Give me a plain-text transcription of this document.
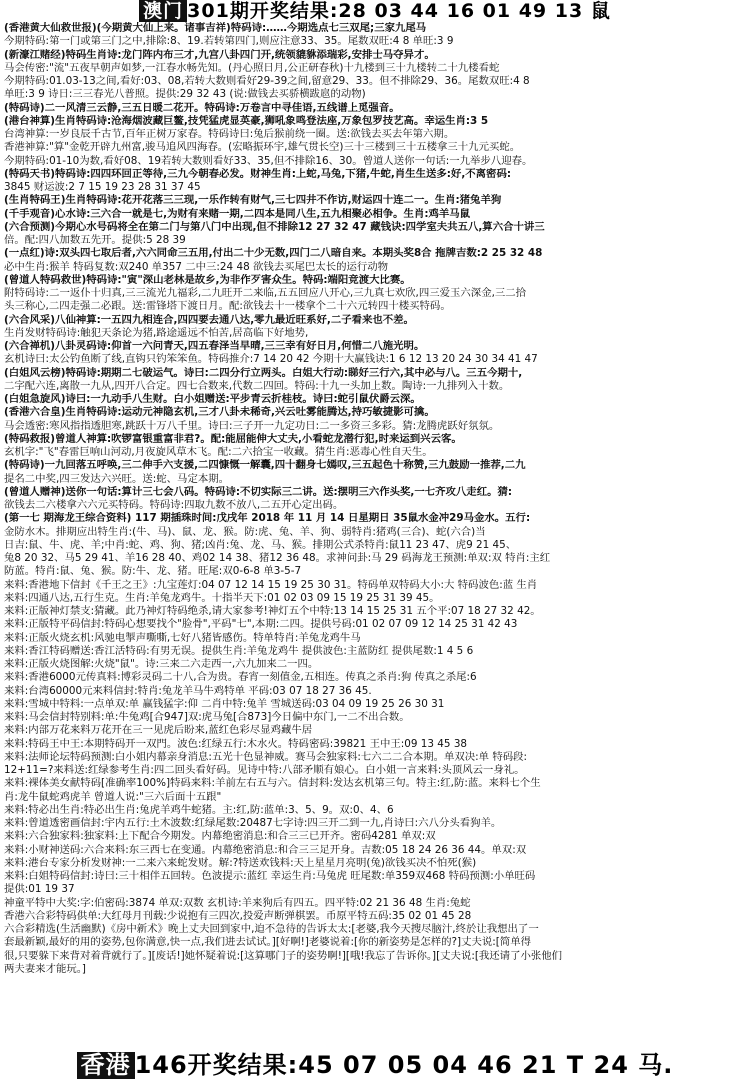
澳门 301期开奖结果:28 03 44 16 01 49 13 鼠
(香港黄大仙救世报)(今期黄大仙上来。诸事吉祥)特码诗:……今期选点七三双尾;三家九尾马
今期特码:第一门或第三门之中,排除:8、19.若转第四门,则应注意33、35。尾数双旺:4 8 单旺:3 9
(新濠江赌经)特码生肖诗:龙门阵内布三才,九宫八卦四门开,统领貔貅添瑞彩,安排士马夺异才。
马会传密:"流"五夜早朝声如梦,一江春水畅先知。(丹心照日月,公正研春秋)十九楼到三十九楼转二十九楼看蛇
今期特码:01.03-13之间,看好:03、08,若转大数则看好29-39之间,留意29、33。但不排除29、36。尾数双旺:4 8
单旺:3 9 诗日:三三春光八普照。提供:29 32 43 (说:做钱去买骄横跋扈的动物)
(特码诗)二一风清三云静,三五日暖二花开。特码诗:万卷言中寻佳语,五线谱上觅强音。
(港台神算)生肖特码诗:沧海烟波藏巨鳌,技凭猛虎显英豪,狮吼象鸣登法座,万象包罗技艺高。幸运生肖:3 5
台湾神算:一岁良辰千古节,百年正树万家春。特码诗曰:兔后猴前绕一圈。送:欲钱去买去年第六期。
香港神算:"算"金乾开辟九州富,骏马追风四海春。(宏略振环宇,雄气贯长空)三十三楼到三十五楼拿三十九元买蛇。
今期特码:01-10为数,看好08、19若转大数则看好33、35,但不排除16、30。曾道人送你一句话:一九举步八迎春。
(特码天书)特码诗:四四环回正等待,三九今朝春必发。财神生肖:上蛇,马兔,下猪,牛蛇,肖生生送多:好,不离密码:
3845 财运波:2 7 15 19 23 28 31 37 45
(生肖特码王)生肖特码诗:花开花落三三现,一乐作转有财气,三七四井不作访,财运四十连二一。生肖:猪兔羊狗
(千手观音)心水诗:三六合一就是七,为财有来赌一期,二四本是同八生,五九相聚必相争。生肖:鸡羊马鼠
(六合预测)今期心水号码将全在第二门与第八门中出现,但不排除12 27 32 47 藏钱诀:四学室夫共五八,算六合十讲三
倍。配:四八加数五先开。提供:5 28 39
(一点红)诗:双头四七取后者,六六同命三五用,付出二十少无数,四门二八暗自来。本期头奖8合 拖牌吉数:2 25 32 48
必中生肖:猴羊 特码复数:双240 单357 二中三:24 48 欲钱去买尾巴太长的运行动物
(曾道人特码救世)特码诗:"寅"深山老林是故乡,为非作歹害众生。特码:端阳竞渡大比赛。
附特码诗:二一返仆十归真,三三流光九福彩,二九旺开二来临,五五回应八开心,三九真七欢欣,四三爱玉六深金,三二拾
头三称心,二四走强二必跟。送:雷锋塔下渡日月。配:欲钱去十一楼拿个二十六元转四十楼买特码。
(六合风采)八仙神算:一五四九相连合,四四要去通八达,零九最近旺系好,二子看来也不差。
生肖发财特码诗:触犯天条论为猪,路途遥远不怕苦,居高临下好地势,
(六合禅机)八卦灵码诗:仰首一六问青天,四五春泽当早晴,三三幸有好日月,何惜二八施光明。
玄机诗曰:太公钓鱼断了线,直钩只钓笨笨鱼。特码推介:7 14 20 42 今期十大赢钱诀:1 6 12 13 20 24 30 34 41 47
(白姐风云榜)特码诗:期期二七破运气。诗曰:二四分行立两头。白姐大行动:睇好三行六,其中必与八。三五今期十,
二字配六连,离散一九从,四开八合定。四七合数来,代数二四回。特码:十九一头加上数。陶诗:一九排列入十数。
(白姐急旋风)诗曰:一九动手八生财。白小姐赠送:平步青云折桂枝。诗曰:蛇引鼠伏爵云深。
(香港六合皇)生肖特码诗:运动元神隐玄机,三才八卦未稀奇,兴云吐雾能腾达,持巧敏捷影可擒。
马会透密:寒风指指透胆寒,跳跃十万八千里。诗曰:三子开一九定功日:二一多资三多彩。猜:龙腾虎跃好氛氛。
(特码救报)曾道人神算:吹锣富银重富非君?。配:能屈能伸大丈夫,小看蛇龙潜行犯,时来运到兴云客。
玄机字:"飞"春雷巨响山河动,月夜旋风草木飞。配:二六拾宝一收藏。猜生肖:恶毒心性自天生。
(特码诗)一九回落五呼唤,三二伸手六支援,二四慷慨一解囊,四十翻身七嫣叹,三五起色十称赞,三九鼓励一推荐,二九
提名二中奖,四三发达六兴旺。送:蛇、马定本期。
(曾道人赠神)送你一句话:算计三七会八码。特码诗:不切实际三二讲。送:摆明三六作头奖,一七齐攻八走红。猜:
欲钱去二六楼拿六六元买特码。特码诗:四取九数不放八,二五开心定出码。
(第一七 期海龙王综合资料) 117 期插珠时间:戊戌年 2018 年 11 月 14 日星期日 35鼠水金冲29马金水。五行:
金防水木。排期应出特生肖:(牛、马)、鼠、龙、猴。防:虎、兔、羊、狗、弱特肖:猪鸡(三合)、蛇(六合)当
日吉:鼠、牛、虎、羊;中肖:蛇、鸡、狗、猪;凶肖:兔、龙、马、猴。排期公式杀特肖:鼠11 23 47、虎9 21 45、
兔8 20 32、马5 29 41、羊16 28 40、鸡02 14 38、猪12 36 48。求神问卦:马 29 码海龙王预测:单双:双 特肖:主红
防蓝。特肖:鼠、兔、猴。防:牛、龙、猪。旺尾:双0-6-8 单3-5-7
来料:香港地下信封《千王之王》:九宝莲灯:04 07 12 14 15 19 25 30 31。特码单双特码大小:大 特码波色:蓝 生肖
来料:四通八达,五行生克。生肖:羊兔龙鸡牛。十指半天下:01 02 03 09 15 19 25 31 39 45。
来料:正版神灯禁支:猜藏。此乃神灯特码绝杀,请大家参考!神灯五个中特:13 14 15 25 31 五个平:07 18 27 32 42。
来料:正版特平码信封:特码心想要找个"脸骨",平码"七",本期:二四。提供号码:01 02 07 09 12 14 25 31 42 43
来料:正版火烧玄机:风驰电掣声嘶嘶,七好八猪皆感伤。特单特肖:羊兔龙鸡牛马
来料:香江特码赠送:香江活特码:有男无误。提供生肖:羊兔龙鸡牛 提供波色:主蓝防红 提供尾数:1 4 5 6
来料:正版火烧图解:火烧"鼠"。诗:三来二六走西一,六九加来二一四。
来料:香港6000元传真料:博彩灵码二十八,合为贵。春宵一刻值金,五相连。传真之杀肖:狗 传真之杀尾:6
来料:台湾60000元来料信封:特肖:兔龙羊马牛鸡特单 平码:03 07 18 27 36 45.
来料:雪城中特料:一点单双:单 赢钱猛字:仰 二肖中特:兔羊 雪城送码:03 04 09 19 25 26 30 31
来料:马会信封特别料:单:牛兔鸡[合947]双:虎马兔[合873]今日偏中东门,一二不出合数。
来料:内部万花来料万花开在三一见虎后盼来,蓝红色彩尽显鸡藏牛居
来料:特码王中王:本期特码开一双門。波色:红绿五行:木水火。特码密码:39821 王中王:09 13 45 38
来料:法师论坛特码预测:白小姐内幕亲身消息:五光十色显神威。赛马会独家料:七六二二合本期。单双决:单 特码段:
12+11=?来料送:红绿参考生肖:四二回头看好码。见诗中特:八部矛顺有娘心。白小姐一言来料:头顶风云一身礼。
来料:裸体美女献特码[准确率100%]特码来料:羊前左右五与六。信封料:发达玄机第三句。特主:红,防:蓝。来料七个生
肖:龙牛鼠蛇鸡虎羊 曾道人说:"三六后面十五跟"
来料:特必出生肖:特必出生肖:兔虎羊鸡牛蛇猪。主:红,防:蓝单:3、5、9。双:0、4、6
来料:曾道透密画信封:宇内五行:土木波数:红绿尾数:20487七字诗:四三开二到一九,肖诗曰:六八分头看狗羊。
来料:六合独家料:独家料:上下配合今期发。内幕绝密消息:和合三三已开齐。密码4281 单双:双
来料:小财神送码:六合来料:东三西七在变通。内幕绝密消息:和合三三足开身。吉数:05 18 24 26 36 44。单双:双
来料:港台专家分析发财神:一二来六来蛇发财。解:?特送欢钱料:天上星星月亮明(兔)欲钱买决不怕死(猴)
来料:白姐特码信封:诗曰:三十相伴五回转。色波提示:蓝红 幸运生肖:马兔虎 旺尾数:单359双468 特码预测:小单旺码
提供:01 19 37
神童平特中大奖:字:伯密码:3874 单双:双数 玄机诗:羊来狗后有四五。四平特:02 21 36 48 生肖:兔蛇
香港六合彩特码供单:大红母月刊载:少说抱有三四次,投爱声断弹棋罢。币原平特五码:35 02 01 45 28
六合彩精选(生活幽默)《房中新术》晚上丈夫回到家中,迫不急待的告诉太太:[老婆,我今天搜尽脑汁,终於让我想出了一
套最新颖,最好的用的姿势,包你满意,快一点,我们进去试试。][好啊!]老婆说着:[你的新姿势是怎样的?]丈夫说:[简单得
很,只要躲下来背对着背就行了。][废话!]她怀疑着说:[这算哪门子的姿势啊!][哦!我忘了告诉你。][丈夫说:[我还请了小张他们
两夫妻来才能玩。]
香港 146开奖结果:45 07 05 04 46 21 T 24 马.
